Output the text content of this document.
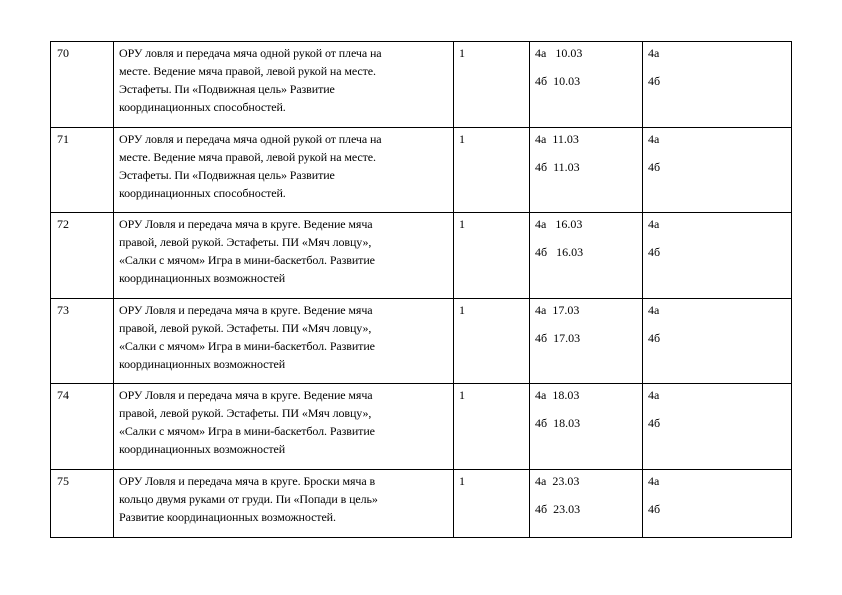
70	ОРУ ловля и передача мяча одной рукой от плеча на
месте. Ведение мяча правой, левой рукой на месте.
Эстафеты. Пи «Подвижная цель» Развитие
координационных способностей.	1	4а   10.03
4б  10.03	4а
4б

71	ОРУ ловля и передача мяча одной рукой от плеча на
месте. Ведение мяча правой, левой рукой на месте.
Эстафеты. Пи «Подвижная цель» Развитие
координационных способностей.	1	4а  11.03
4б  11.03	4а
4б

72	ОРУ Ловля и передача мяча в круге. Ведение мяча
правой, левой рукой. Эстафеты. ПИ «Мяч ловцу»,
«Салки с мячом» Игра в мини-баскетбол. Развитие
координационных возможностей	1	4а   16.03
4б   16.03	4а
4б

73	ОРУ Ловля и передача мяча в круге. Ведение мяча
правой, левой рукой. Эстафеты. ПИ «Мяч ловцу»,
«Салки с мячом» Игра в мини-баскетбол. Развитие
координационных возможностей	1	4а  17.03
4б  17.03	4а
4б

74	ОРУ Ловля и передача мяча в круге. Ведение мяча
правой, левой рукой. Эстафеты. ПИ «Мяч ловцу»,
«Салки с мячом» Игра в мини-баскетбол. Развитие
координационных возможностей	1	4а  18.03
4б  18.03	4а
4б

75	ОРУ Ловля и передача мяча в круге. Броски мяча в
кольцо двумя руками от груди. Пи «Попади в цель»
Развитие координационных возможностей.	1	4а  23.03
4б  23.03	4а
4б
